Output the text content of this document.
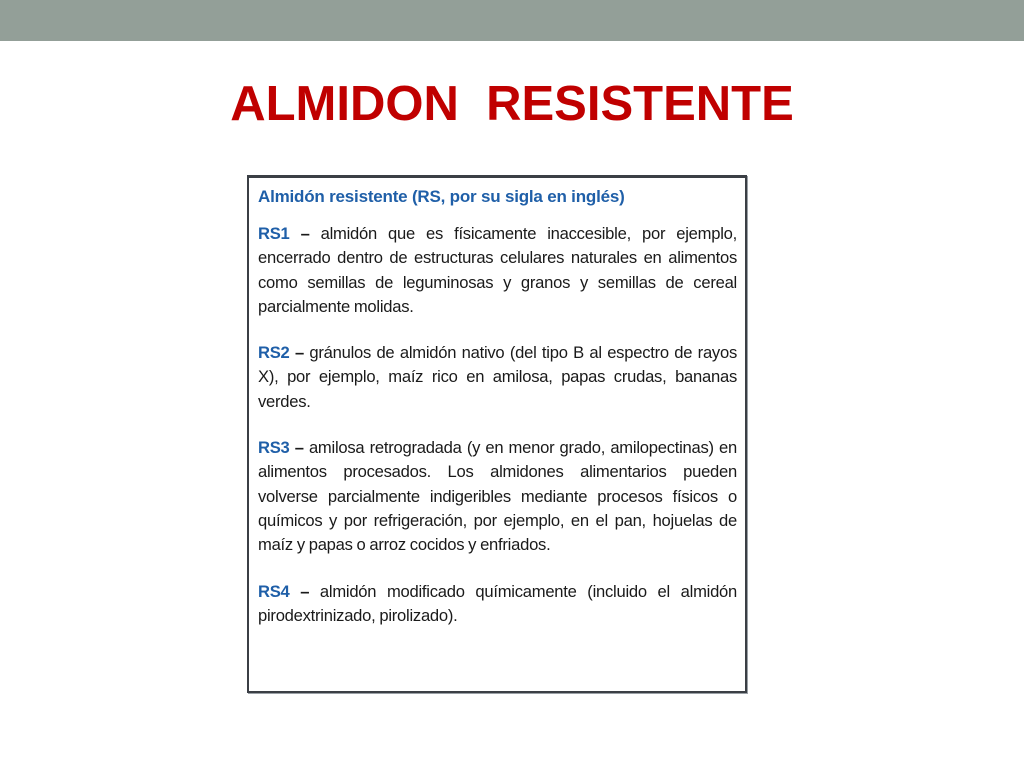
ALMIDON  RESISTENTE
Almidón resistente (RS, por su sigla en inglés)

RS1 – almidón que es físicamente inaccesible, por ejemplo, encerrado dentro de estructuras celulares naturales en alimentos como semillas de leguminosas y granos y semillas de cereal parcialmente molidas.

RS2 – gránulos de almidón nativo (del tipo B al espectro de rayos X), por ejemplo, maíz rico en amilosa, papas crudas, bananas verdes.

RS3 – amilosa retrogradada (y en menor grado, amilopectinas) en alimentos procesados. Los almidones alimentarios pueden volverse parcialmente indigeribles mediante procesos físicos o químicos y por refrigeración, por ejemplo, en el pan, hojuelas de maíz y papas o arroz cocidos y enfriados.

RS4 – almidón modificado químicamente (incluido el almidón pirodextrinizado, pirolizado).
